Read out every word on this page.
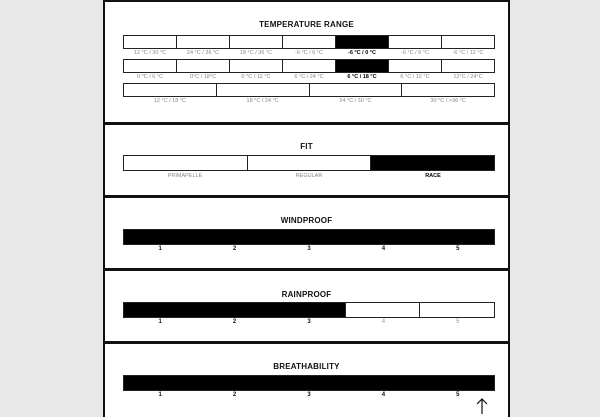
TEMPERATURE RANGE
12 °C / 30 °C	24 °C / 36 °C	18 °C / 36 °C	-6 °C / 6 °C	-6 °C / 0 °C	-6 °C / 6 °C	-6 °C / 12 °C
0 °C / 6 °C	0°C / 18°C	0 °C / 12 °C	6 °C / 24 °C	6 °C / 18 °C	6 °C / 12 °C	12°C / 24°C
12 °C / 18 °C	18 °C / 24 °C	24 °C / 30 °C	30 °C / >36 °C
FIT
PRIMAPELLE	REGULAR	RACE
WINDPROOF
1	2	3	4	5
RAINPROOF
1	2	3	4	5
BREATHABILITY
1	2	3	4	5
